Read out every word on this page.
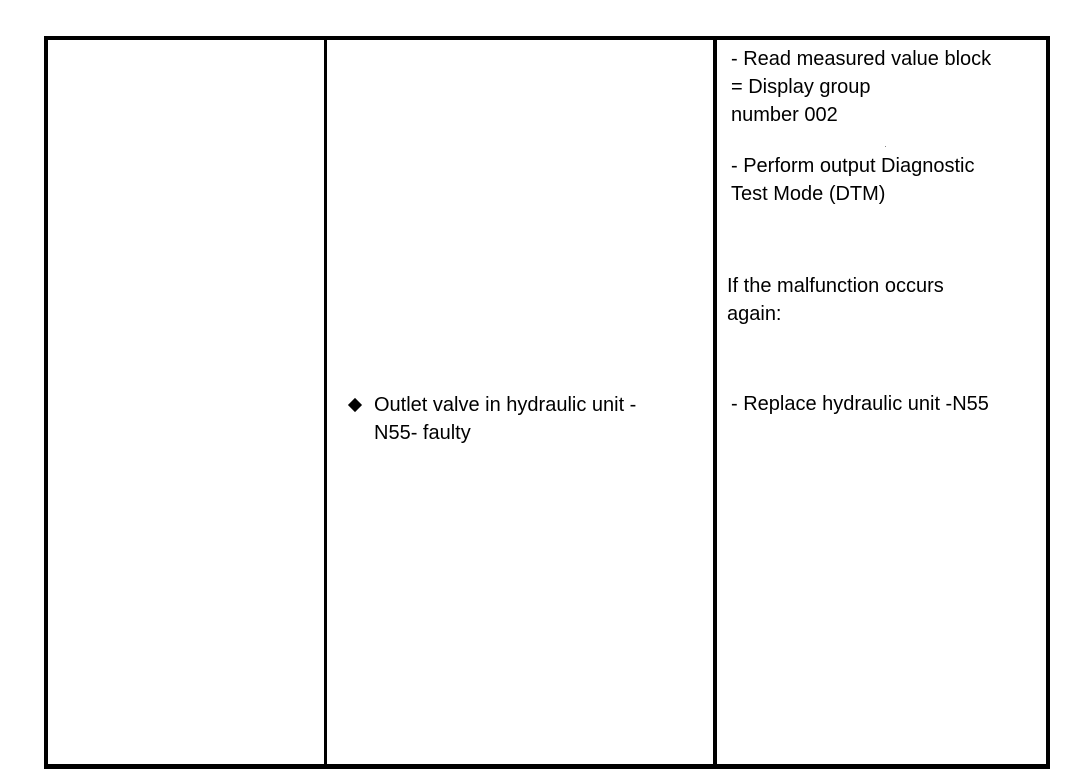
Outlet valve in hydraulic unit -
N55- faulty
- Read measured value block
= Display group
number 002
- Perform output Diagnostic
Test Mode (DTM)
If the malfunction occurs
again:
- Replace hydraulic unit -N55
